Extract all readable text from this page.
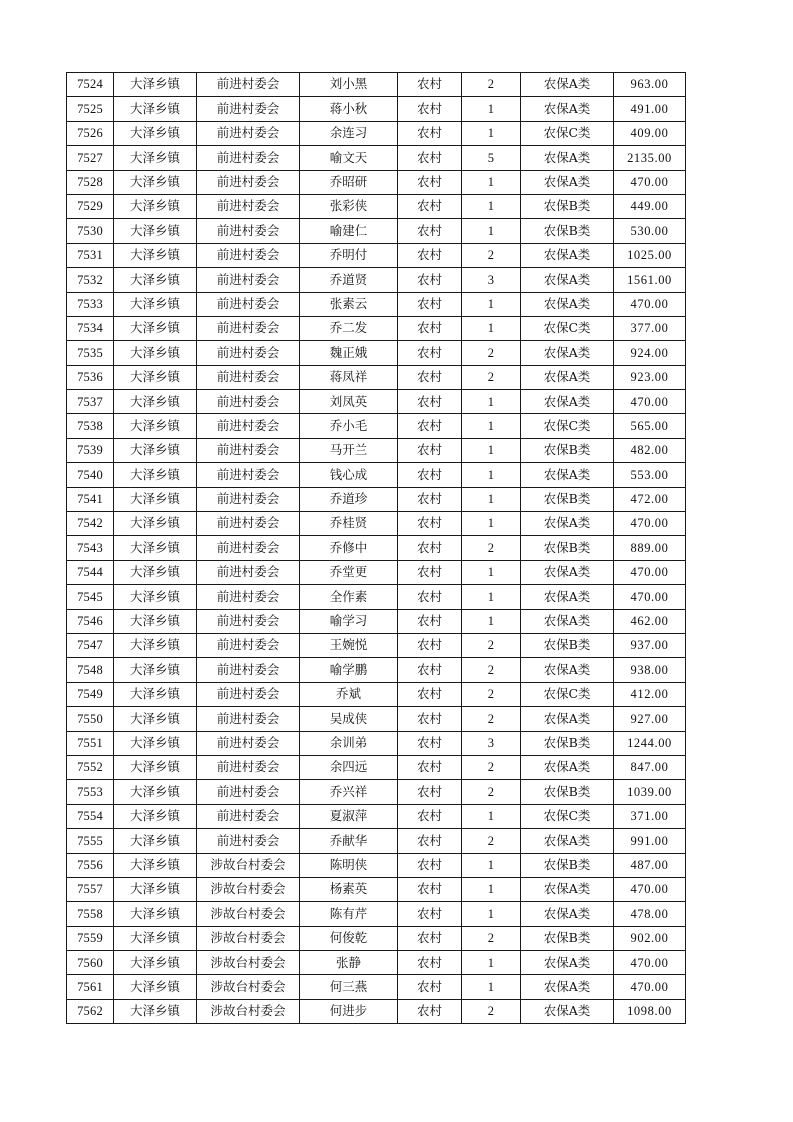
7524	大泽乡镇	前进村委会	刘小黑	农村	2	农保A类	963.00
7525	大泽乡镇	前进村委会	蒋小秋	农村	1	农保A类	491.00
7526	大泽乡镇	前进村委会	余连习	农村	1	农保C类	409.00
7527	大泽乡镇	前进村委会	喻文天	农村	5	农保A类	2135.00
7528	大泽乡镇	前进村委会	乔昭研	农村	1	农保A类	470.00
7529	大泽乡镇	前进村委会	张彩侠	农村	1	农保B类	449.00
7530	大泽乡镇	前进村委会	喻建仁	农村	1	农保B类	530.00
7531	大泽乡镇	前进村委会	乔明付	农村	2	农保A类	1025.00
7532	大泽乡镇	前进村委会	乔道贤	农村	3	农保A类	1561.00
7533	大泽乡镇	前进村委会	张素云	农村	1	农保A类	470.00
7534	大泽乡镇	前进村委会	乔二发	农村	1	农保C类	377.00
7535	大泽乡镇	前进村委会	魏正娥	农村	2	农保A类	924.00
7536	大泽乡镇	前进村委会	蒋凤祥	农村	2	农保A类	923.00
7537	大泽乡镇	前进村委会	刘凤英	农村	1	农保A类	470.00
7538	大泽乡镇	前进村委会	乔小毛	农村	1	农保C类	565.00
7539	大泽乡镇	前进村委会	马开兰	农村	1	农保B类	482.00
7540	大泽乡镇	前进村委会	钱心成	农村	1	农保A类	553.00
7541	大泽乡镇	前进村委会	乔道珍	农村	1	农保B类	472.00
7542	大泽乡镇	前进村委会	乔桂贤	农村	1	农保A类	470.00
7543	大泽乡镇	前进村委会	乔修中	农村	2	农保B类	889.00
7544	大泽乡镇	前进村委会	乔堂更	农村	1	农保A类	470.00
7545	大泽乡镇	前进村委会	全作素	农村	1	农保A类	470.00
7546	大泽乡镇	前进村委会	喻学习	农村	1	农保A类	462.00
7547	大泽乡镇	前进村委会	王婉悦	农村	2	农保B类	937.00
7548	大泽乡镇	前进村委会	喻学鹏	农村	2	农保A类	938.00
7549	大泽乡镇	前进村委会	乔斌	农村	2	农保C类	412.00
7550	大泽乡镇	前进村委会	吴成侠	农村	2	农保A类	927.00
7551	大泽乡镇	前进村委会	余训弟	农村	3	农保B类	1244.00
7552	大泽乡镇	前进村委会	余四远	农村	2	农保A类	847.00
7553	大泽乡镇	前进村委会	乔兴祥	农村	2	农保B类	1039.00
7554	大泽乡镇	前进村委会	夏淑萍	农村	1	农保C类	371.00
7555	大泽乡镇	前进村委会	乔献华	农村	2	农保A类	991.00
7556	大泽乡镇	涉故台村委会	陈明侠	农村	1	农保B类	487.00
7557	大泽乡镇	涉故台村委会	杨素英	农村	1	农保A类	470.00
7558	大泽乡镇	涉故台村委会	陈有芹	农村	1	农保A类	478.00
7559	大泽乡镇	涉故台村委会	何俊乾	农村	2	农保B类	902.00
7560	大泽乡镇	涉故台村委会	张静	农村	1	农保A类	470.00
7561	大泽乡镇	涉故台村委会	何三燕	农村	1	农保A类	470.00
7562	大泽乡镇	涉故台村委会	何进步	农村	2	农保A类	1098.00
